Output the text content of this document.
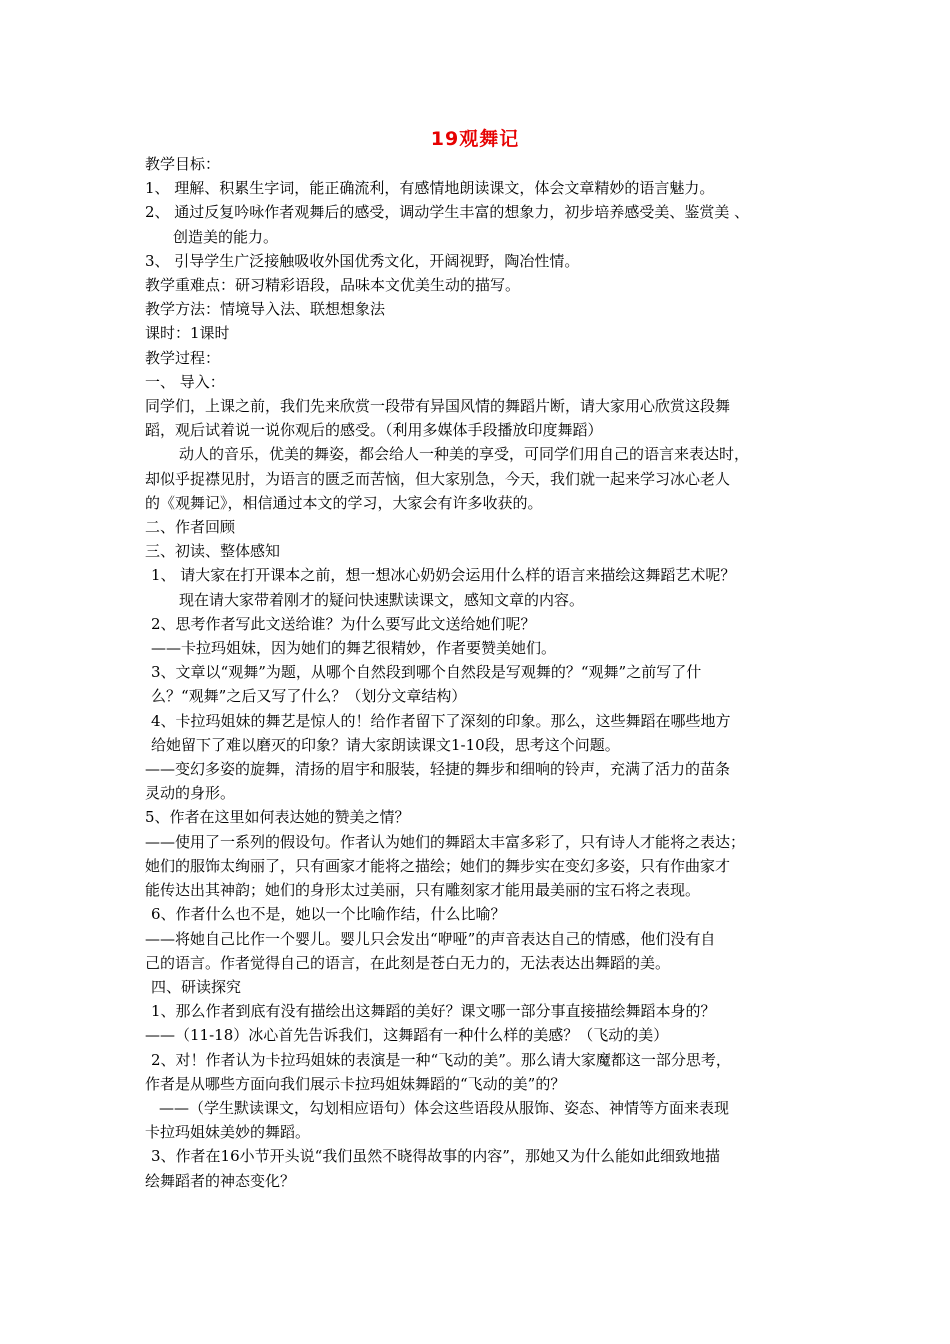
19观舞记

教学目标：

1、 理解、积累生字词，能正确流利，有感情地朗读课文，体会文章精妙的语言魅力。

2、 通过反复吟咏作者观舞后的感受，调动学生丰富的想象力，初步培养感受美、鉴赏美 、

创造美的能力。

3、 引导学生广泛接触吸收外国优秀文化，开阔视野，陶冶性情。

教学重难点：研习精彩语段，品味本文优美生动的描写。

教学方法：情境导入法、联想想象法

课时：1课时

教学过程：

一、 导入：

同学们，上课之前，我们先来欣赏一段带有异国风情的舞蹈片断，请大家用心欣赏这段舞

蹈，观后试着说一说你观后的感受。（利用多媒体手段播放印度舞蹈）

动人的音乐，优美的舞姿，都会给人一种美的享受，可同学们用自己的语言来表达时，

却似乎捉襟见肘，为语言的匮乏而苦恼，但大家别急，今天，我们就一起来学习冰心老人

的《观舞记》，相信通过本文的学习，大家会有许多收获的。

二、作者回顾

三、初读、整体感知

1、 请大家在打开课本之前，想一想冰心奶奶会运用什么样的语言来描绘这舞蹈艺术呢？

现在请大家带着刚才的疑问快速默读课文，感知文章的内容。

2、思考作者写此文送给谁？为什么要写此文送给她们呢？

——卡拉玛姐妹，因为她们的舞艺很精妙，作者要赞美她们。

3、文章以“观舞”为题，从哪个自然段到哪个自然段是写观舞的？“观舞”之前写了什

么？“观舞”之后又写了什么？（划分文章结构）

4、卡拉玛姐妹的舞艺是惊人的！给作者留下了深刻的印象。那么，这些舞蹈在哪些地方

给她留下了难以磨灭的印象？请大家朗读课文1-10段，思考这个问题。

——变幻多姿的旋舞，清扬的眉宇和服装，轻捷的舞步和细响的铃声，充满了活力的苗条

灵动的身形。

5、作者在这里如何表达她的赞美之情？

——使用了一系列的假设句。作者认为她们的舞蹈太丰富多彩了，只有诗人才能将之表达；

她们的服饰太绚丽了，只有画家才能将之描绘；她们的舞步实在变幻多姿，只有作曲家才

能传达出其神韵；她们的身形太过美丽，只有雕刻家才能用最美丽的宝石将之表现。

6、作者什么也不是，她以一个比喻作结，什么比喻？

——将她自己比作一个婴儿。婴儿只会发出“咿哑”的声音表达自己的情感，他们没有自

己的语言。作者觉得自己的语言，在此刻是苍白无力的，无法表达出舞蹈的美。

四、研读探究

1、那么作者到底有没有描绘出这舞蹈的美好？课文哪一部分事直接描绘舞蹈本身的？

——（11-18）冰心首先告诉我们，这舞蹈有一种什么样的美感？（飞动的美）

2、对！作者认为卡拉玛姐妹的表演是一种“飞动的美”。那么请大家魔都这一部分思考，

作者是从哪些方面向我们展示卡拉玛姐妹舞蹈的“飞动的美”的？

——（学生默读课文，勾划相应语句）体会这些语段从服饰、姿态、神情等方面来表现

卡拉玛姐妹美妙的舞蹈。

3、作者在16小节开头说“我们虽然不晓得故事的内容”，那她又为什么能如此细致地描

绘舞蹈者的神态变化？
